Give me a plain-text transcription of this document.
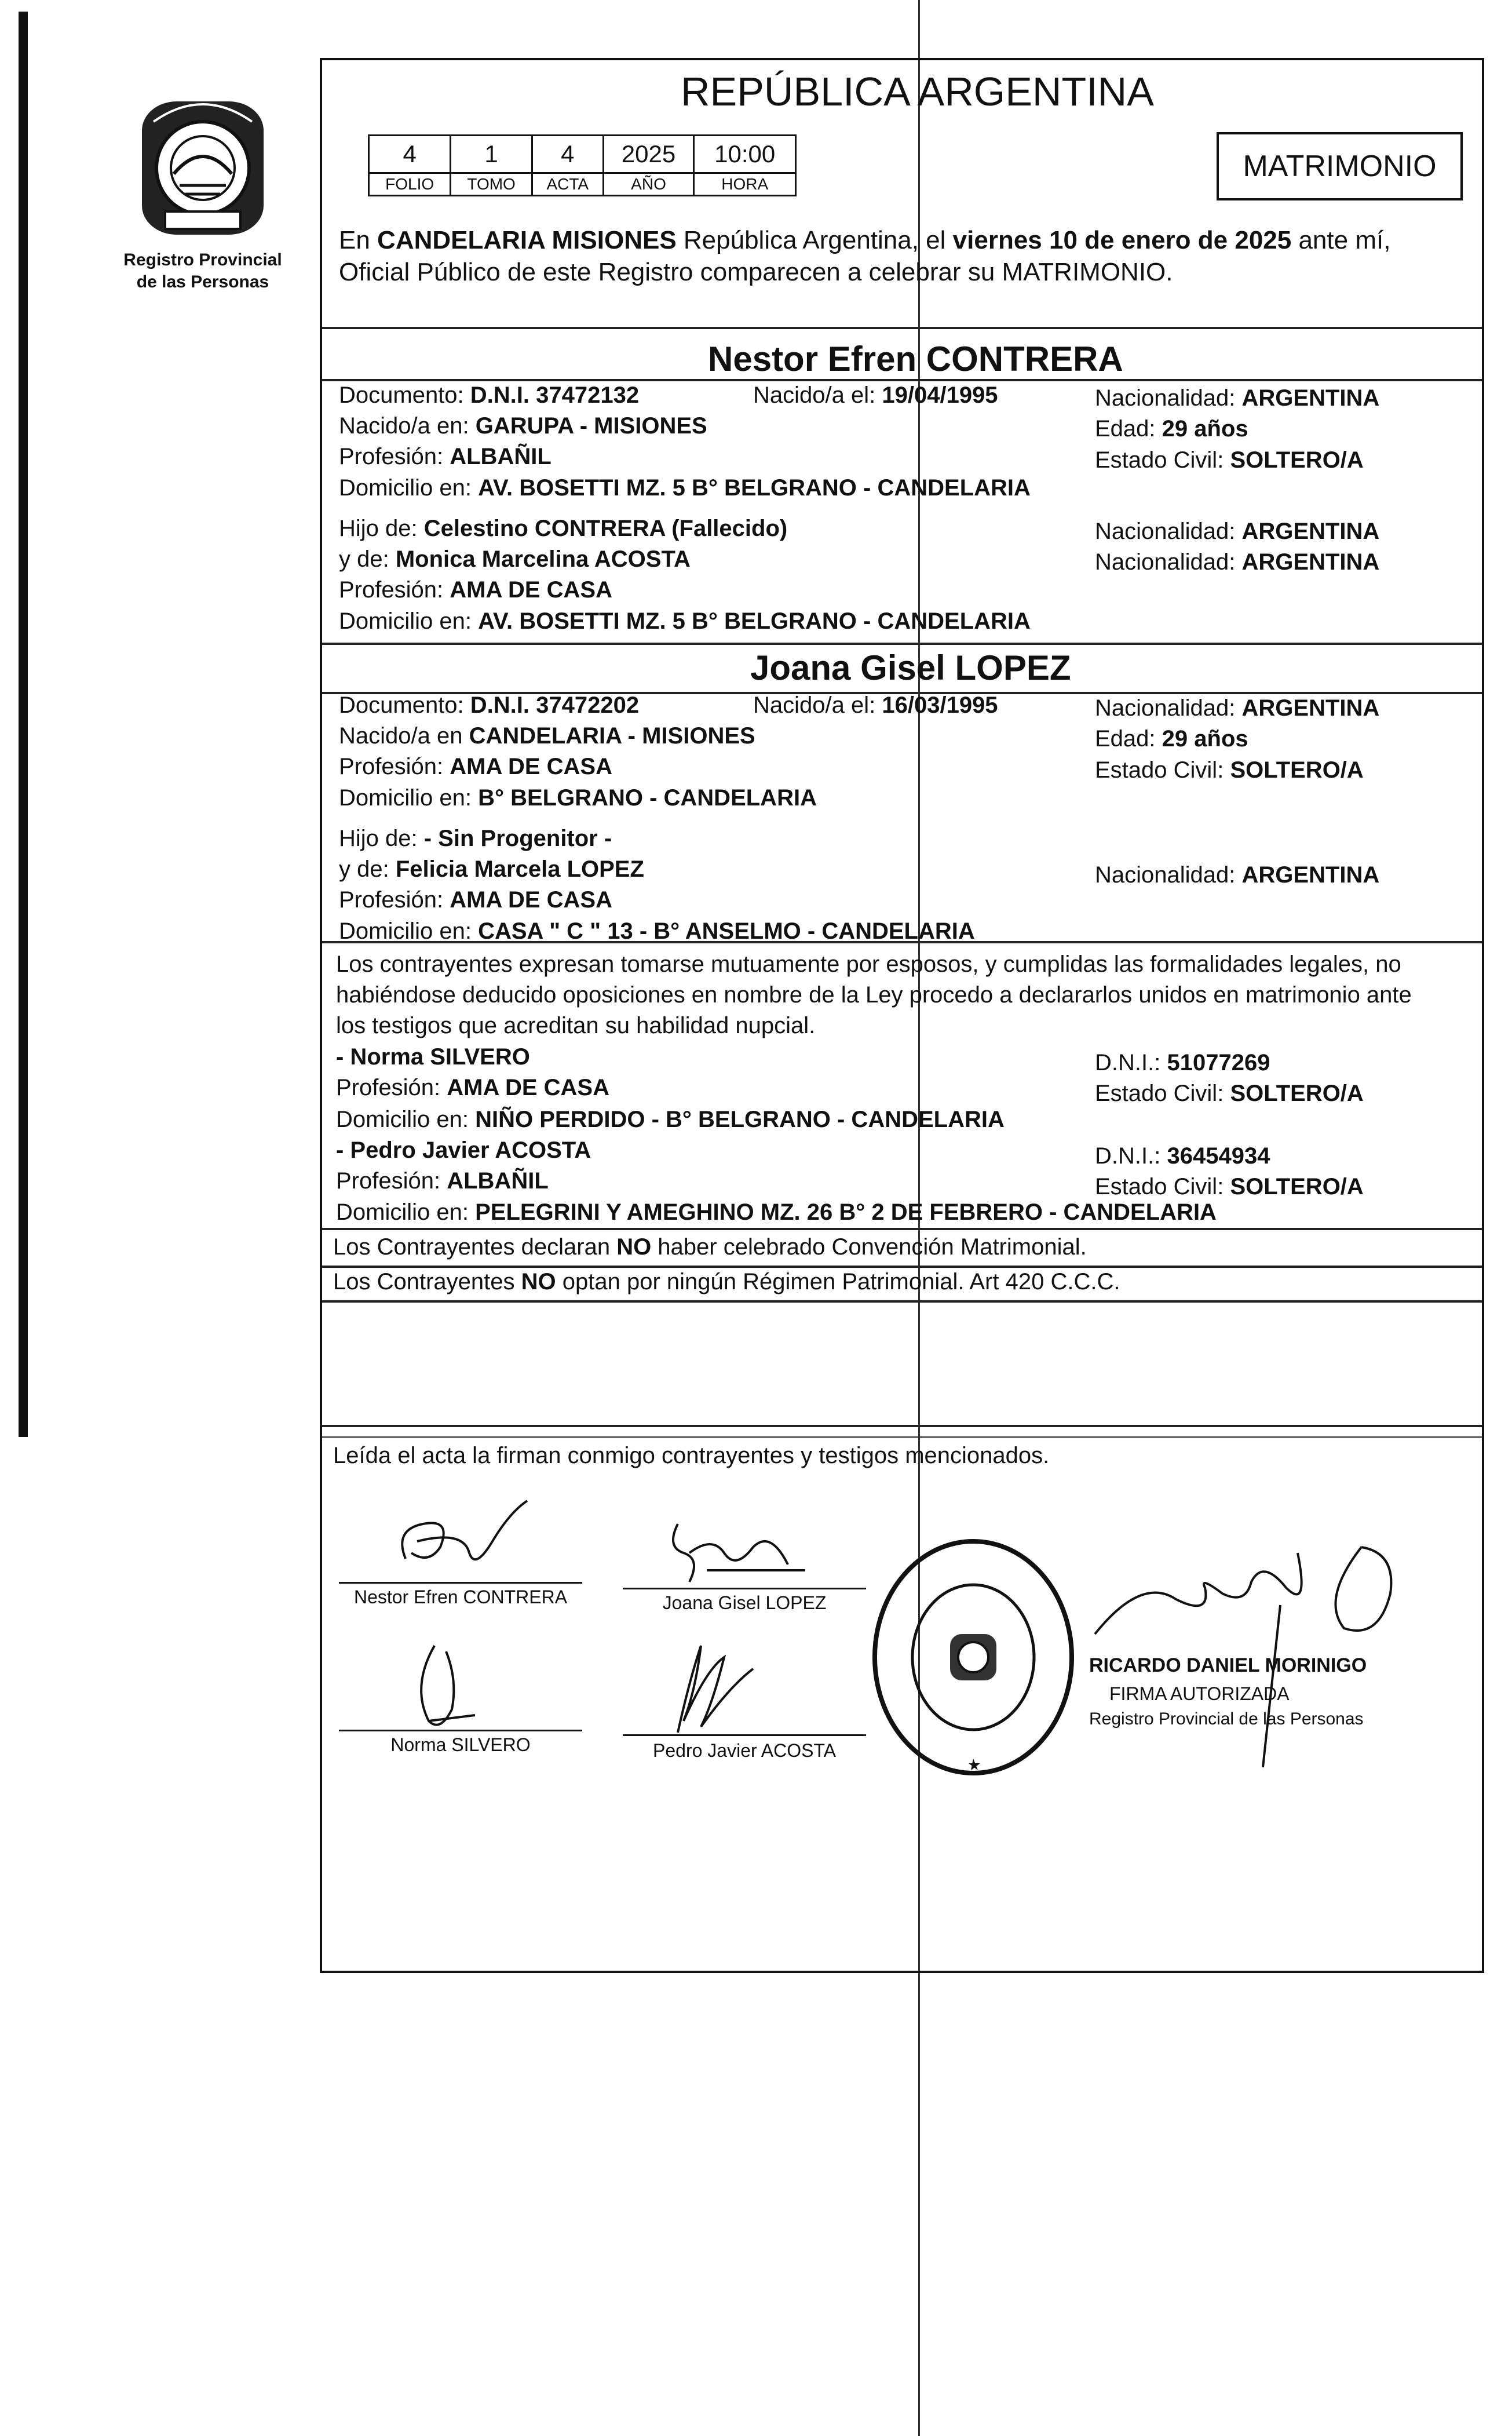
Registro Provincial
de las Personas
REPÚBLICA ARGENTINA
4	1	4	2025	10:00
FOLIO	TOMO	ACTA	AÑO	HORA
MATRIMONIO
En CANDELARIA MISIONES República Argentina, el viernes 10 de enero de 2025 ante mí,
Oficial Público de este Registro comparecen a celebrar su MATRIMONIO.
Nestor Efren CONTRERA
Documento: D.N.I. 37472132	Nacido/a el: 19/04/1995	Nacionalidad: ARGENTINA
Nacido/a en: GARUPA - MISIONES	Edad: 29 años
Profesión: ALBAÑIL	Estado Civil: SOLTERO/A
Domicilio en: AV. BOSETTI MZ. 5 B° BELGRANO - CANDELARIA
Hijo de: Celestino CONTRERA (Fallecido)	Nacionalidad: ARGENTINA
y de: Monica Marcelina ACOSTA	Nacionalidad: ARGENTINA
Profesión: AMA DE CASA
Domicilio en: AV. BOSETTI MZ. 5 B° BELGRANO - CANDELARIA
Joana Gisel LOPEZ
Documento: D.N.I. 37472202	Nacido/a el: 16/03/1995	Nacionalidad: ARGENTINA
Nacido/a en CANDELARIA - MISIONES	Edad: 29 años
Profesión: AMA DE CASA	Estado Civil: SOLTERO/A
Domicilio en: B° BELGRANO - CANDELARIA
Hijo de: - Sin Progenitor -
y de: Felicia Marcela LOPEZ	Nacionalidad: ARGENTINA
Profesión: AMA DE CASA
Domicilio en: CASA " C " 13 - B° ANSELMO - CANDELARIA
Los contrayentes expresan tomarse mutuamente por esposos, y cumplidas las formalidades legales, no
habiéndose deducido oposiciones en nombre de la Ley procedo a declararlos unidos en matrimonio ante
los testigos que acreditan su habilidad nupcial.
- Norma SILVERO	D.N.I.: 51077269
Profesión: AMA DE CASA	Estado Civil: SOLTERO/A
Domicilio en: NIÑO PERDIDO - B° BELGRANO - CANDELARIA
- Pedro Javier ACOSTA	D.N.I.: 36454934
Profesión: ALBAÑIL	Estado Civil: SOLTERO/A
Domicilio en: PELEGRINI Y AMEGHINO MZ. 26 B° 2 DE FEBRERO - CANDELARIA
Los Contrayentes declaran NO haber celebrado Convención Matrimonial.
Los Contrayentes NO optan por ningún Régimen Patrimonial. Art 420 C.C.C.
Leída el acta la firman conmigo contrayentes y testigos mencionados.
Nestor Efren CONTRERA	Joana Gisel LOPEZ
Norma SILVERO	Pedro Javier ACOSTA
RICARDO DANIEL MORINIGO
FIRMA AUTORIZADA
Registro Provincial de las Personas
